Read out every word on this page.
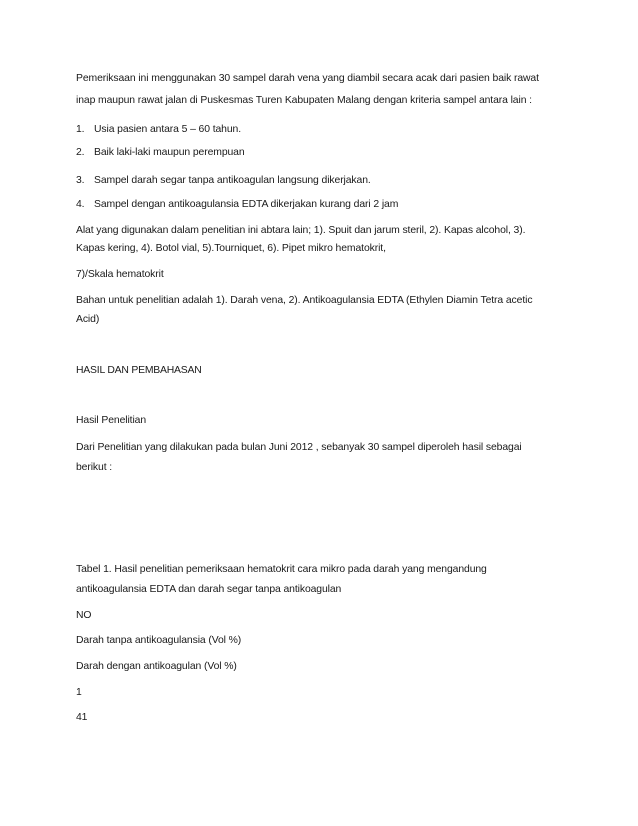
Pemeriksaan ini menggunakan 30 sampel darah vena yang diambil secara acak dari pasien baik rawat
inap maupun rawat jalan di Puskesmas Turen Kabupaten Malang dengan kriteria sampel antara lain :
1. Usia pasien antara 5 – 60 tahun.
2. Baik laki-laki maupun perempuan
3. Sampel darah segar tanpa antikoagulan langsung dikerjakan.
4. Sampel dengan antikoagulansia EDTA dikerjakan kurang dari 2 jam
Alat yang digunakan dalam penelitian ini abtara lain; 1). Spuit dan jarum steril, 2). Kapas alcohol, 3).
Kapas kering, 4). Botol vial, 5).Tourniquet, 6). Pipet mikro hematokrit,
7)/Skala hematokrit
Bahan untuk penelitian adalah 1). Darah vena, 2). Antikoagulansia EDTA (Ethylen Diamin Tetra acetic
Acid)
HASIL DAN PEMBAHASAN
Hasil Penelitian
Dari Penelitian yang dilakukan pada bulan Juni 2012 , sebanyak 30 sampel diperoleh hasil sebagai
berikut :
Tabel 1. Hasil penelitian pemeriksaan hematokrit cara mikro pada darah yang mengandung
antikoagulansia EDTA dan darah segar tanpa antikoagulan
NO
Darah tanpa antikoagulansia (Vol %)
Darah dengan antikoagulan (Vol %)
1
41
